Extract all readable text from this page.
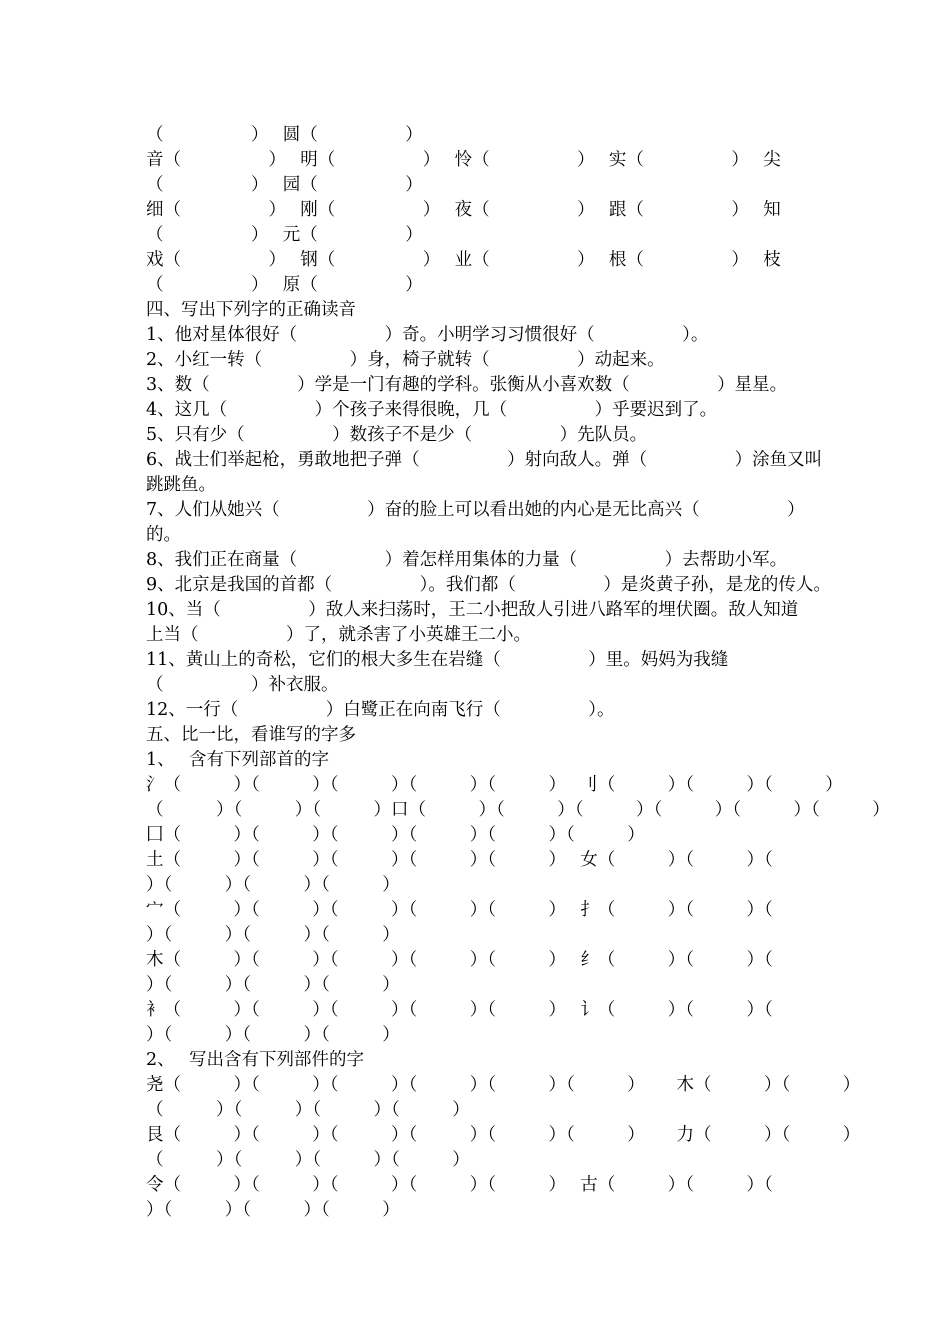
（　　　　　）　 圆（　　　　　）
音（　　　　　）　 明（　　　　　）　 怜（　　　　　）　 实（　　　　　）　 尖
（　　　　　）　 园（　　　　　）
细（　　　　　）　 刚（　　　　　）　 夜（　　　　　）　 跟（　　　　　）　 知
（　　　　　）　 元（　　　　　）
戏（　　　　　）　 钢（　　　　　）　 业（　　　　　）　 根（　　　　　）　 枝
（　　　　　）　 原（　　　　　）
四、写出下列字的正确读音
1、他对星体很好（　　　　　）奇。小明学习习惯很好（　　　　　）。
2、小红一转（　　　　　）身，椅子就转（　　　　　）动起来。
3、数（　　　　　）学是一门有趣的学科。张衡从小喜欢数（　　　　　）星星。
4、这几（　　　　　）个孩子来得很晚，几（　　　　　）乎要迟到了。
5、只有少（　　　　　）数孩子不是少（　　　　　）先队员。
6、战士们举起枪，勇敢地把子弹（　　　　　）射向敌人。弹（　　　　　）涂鱼又叫
跳跳鱼。
7、人们从她兴（　　　　　）奋的脸上可以看出她的内心是无比高兴（　　　　　）
的。
8、我们正在商量（　　　　　）着怎样用集体的力量（　　　　　）去帮助小军。
9、北京是我国的首都（　　　　　）。我们都（　　　　　）是炎黄子孙，是龙的传人。
10、当（　　　　　）敌人来扫荡时，王二小把敌人引进八路军的埋伏圈。敌人知道
上当（　　　　　）了，就杀害了小英雄王二小。
11、黄山上的奇松，它们的根大多生在岩缝（　　　　　）里。妈妈为我缝
（　　　　　）补衣服。
12、一行（　　　　　）白鹭正在向南飞行（　　　　　）。
五、比一比，看谁写的字多
1、　 含有下列部首的字
氵（　　　）（　　　）（　　　）（　　　）（　　　）　 刂（　　　）（　　　）（　　　）
（　　　）（　　　）（　　　）口（　　　）（　　　）（　　　）（　　　）（　　　）（　　　）
囗（　　　）（　　　）（　　　）（　　　）（　　　）（　　　）
土（　　　）（　　　）（　　　）（　　　）（　　　）　 女（　　　）（　　　）（
）（　　　）（　　　）（　　　）
宀（　　　）（　　　）（　　　）（　　　）（　　　）　 扌（　　　）（　　　）（
）（　　　）（　　　）（　　　）
木（　　　）（　　　）（　　　）（　　　）（　　　）　 纟（　　　）（　　　）（
）（　　　）（　　　）（　　　）
衤（　　　）（　　　）（　　　）（　　　）（　　　）　 讠（　　　）（　　　）（
）（　　　）（　　　）（　　　）
2、　 写出含有下列部件的字
尧（　　　）（　　　）（　　　）（　　　）（　　　）（　　　）　　 木（　　　）（　　　）
（　　　）（　　　）（　　　）（　　　）
艮（　　　）（　　　）（　　　）（　　　）（　　　）（　　　）　　 力（　　　）（　　　）
（　　　）（　　　）（　　　）（　　　）
令（　　　）（　　　）（　　　）（　　　）（　　　）　 古（　　　）（　　　）（
）（　　　）（　　　）（　　　）
